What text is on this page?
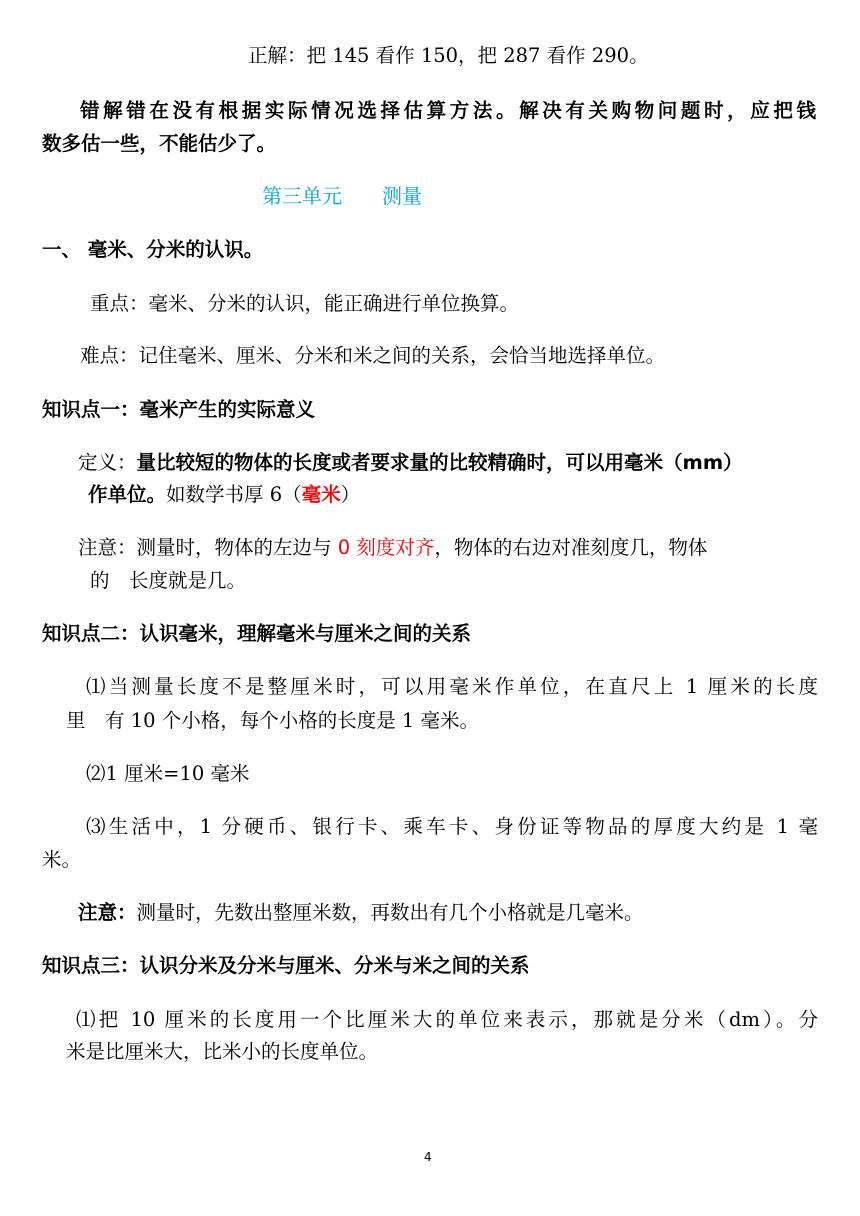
正解：把 145 看作 150，把 287 看作 290。
错解错在没有根据实际情况选择估算方法。解决有关购物问题时，应把钱
数多估一些，不能估少了。
第三单元　　测量
一、 毫米、分米的认识。
重点：毫米、分米的认识，能正确进行单位换算。
难点：记住毫米、厘米、分米和米之间的关系，会恰当地选择单位。
知识点一：毫米产生的实际意义
定义：量比较短的物体的长度或者要求量的比较精确时，可以用毫米（mm）
作单位。如数学书厚 6（毫米）
注意：测量时，物体的左边与 0 刻度对齐，物体的右边对准刻度几，物体
的　长度就是几。
知识点二：认识毫米，理解毫米与厘米之间的关系
⑴当测量长度不是整厘米时，可以用毫米作单位，在直尺上 1 厘米的长度
里　有 10 个小格，每个小格的长度是 1 毫米。
⑵1 厘米=10 毫米
⑶生活中，1 分硬币、银行卡、乘车卡、身份证等物品的厚度大约是 1 毫
米。
注意：测量时，先数出整厘米数，再数出有几个小格就是几毫米。
知识点三：认识分米及分米与厘米、分米与米之间的关系
⑴把 10 厘米的长度用一个比厘米大的单位来表示，那就是分米（dm）。分
米是比厘米大，比米小的长度单位。
4
